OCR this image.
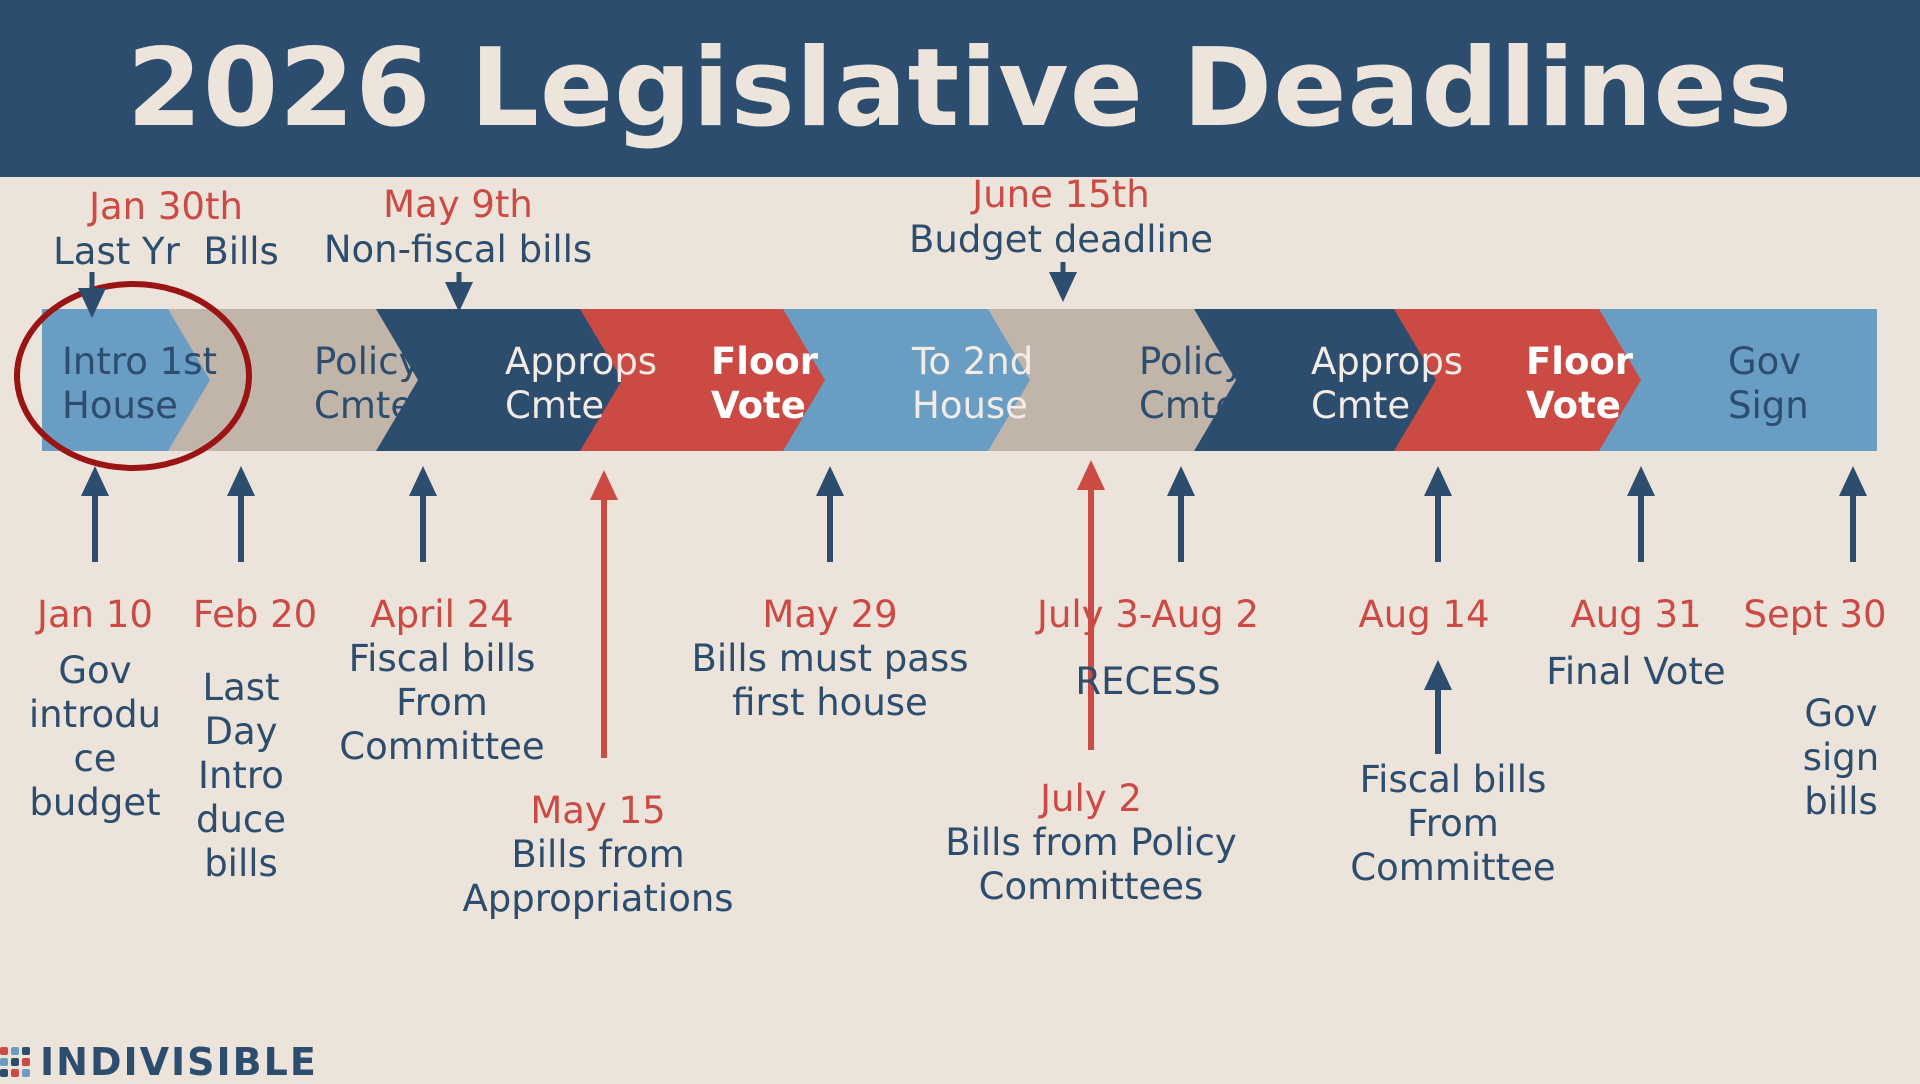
2026 Legislative Deadlines
Intro 1st
House
Policy
Cmte
Approps
Cmte
Floor
Vote
To 2nd
House
Policy
Cmte
Approps
Cmte
Floor
Vote
Gov
Sign
Jan 30th
Last Yr  Bills
May 9th
Non-fiscal bills
June 15th
Budget deadline
Jan 10
Gov
introdu
ce
budget
Feb 20
Last
Day
Intro
duce
bills
April 24
Fiscal bills
From
Committee
May 29
Bills must pass
first house
July 3-Aug 2
RECESS
Aug 14	Aug 31
Final Vote
Sept 30
Gov
sign
bills
May 15
Bills from
Appropriations
July 2
Bills from Policy
Committees
Fiscal bills
From
Committee
INDIVISIBLE
